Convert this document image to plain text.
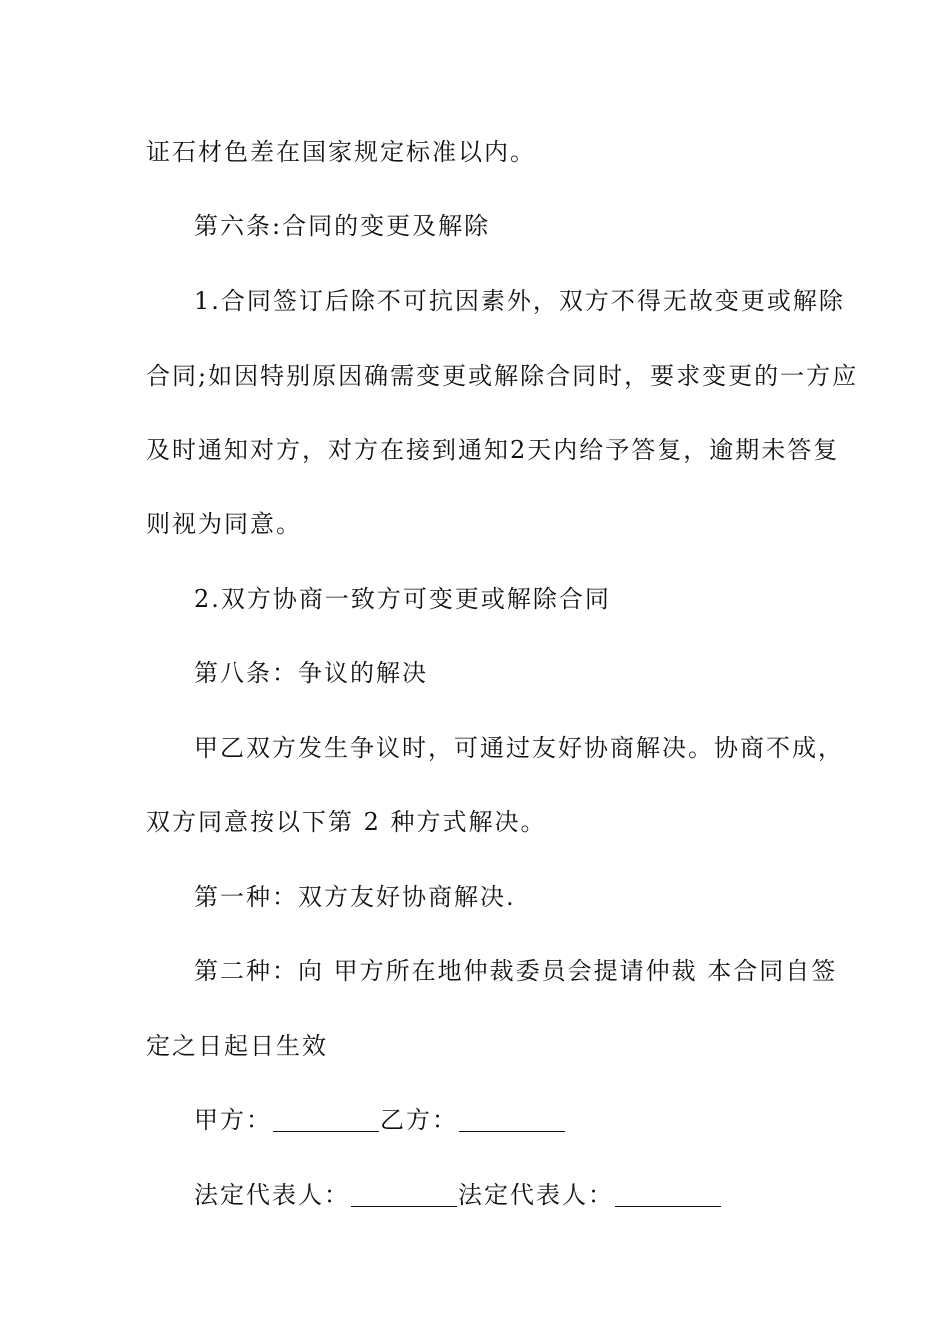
证石材色差在国家规定标准以内。
第六条:合同的变更及解除
1.合同签订后除不可抗因素外，双方不得无故变更或解除
合同;如因特别原因确需变更或解除合同时，要求变更的一方应
及时通知对方，对方在接到通知2天内给予答复，逾期未答复
则视为同意。
2.双方协商一致方可变更或解除合同
第八条：争议的解决
甲乙双方发生争议时，可通过友好协商解决。协商不成，
双方同意按以下第 2 种方式解决。
第一种：双方友好协商解决.
第二种：向 甲方所在地仲裁委员会提请仲裁 本合同自签
定之日起日生效
甲方：	乙方：
法定代表人：	法定代表人：
